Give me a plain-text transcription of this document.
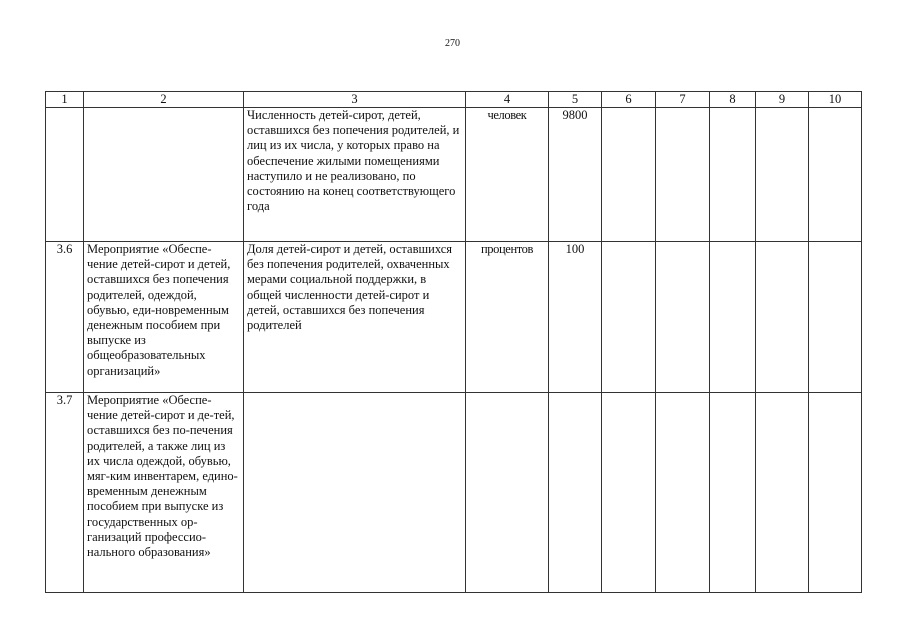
270
1	2	3	4	5	6	7	8	9	10
		Численность детей-сирот, детей, оставшихся без попечения родителей, и лиц из их числа, у которых право на обеспечение жилыми помещениями наступило и не реализовано, по состоянию на конец соответствующего года	человек	9800					
3.6	Мероприятие «Обеспе-чение детей-сирот и детей, оставшихся без попечения родителей, одеждой, обувью, еди-новременным денежным пособием при выпуске из общеобразовательных организаций»	Доля детей-сирот и детей, оставшихся без попечения родителей, охваченных мерами социальной поддержки, в общей численности детей-сирот и детей, оставшихся без попечения родителей	процентов	100					
3.7	Мероприятие «Обеспе-чение детей-сирот и де-тей, оставшихся без по-печения родителей, а также лиц из их числа одеждой, обувью, мяг-ким инвентарем, едино-временным денежным пособием при выпуске из государственных ор-ганизаций профессио-нального образования»								
